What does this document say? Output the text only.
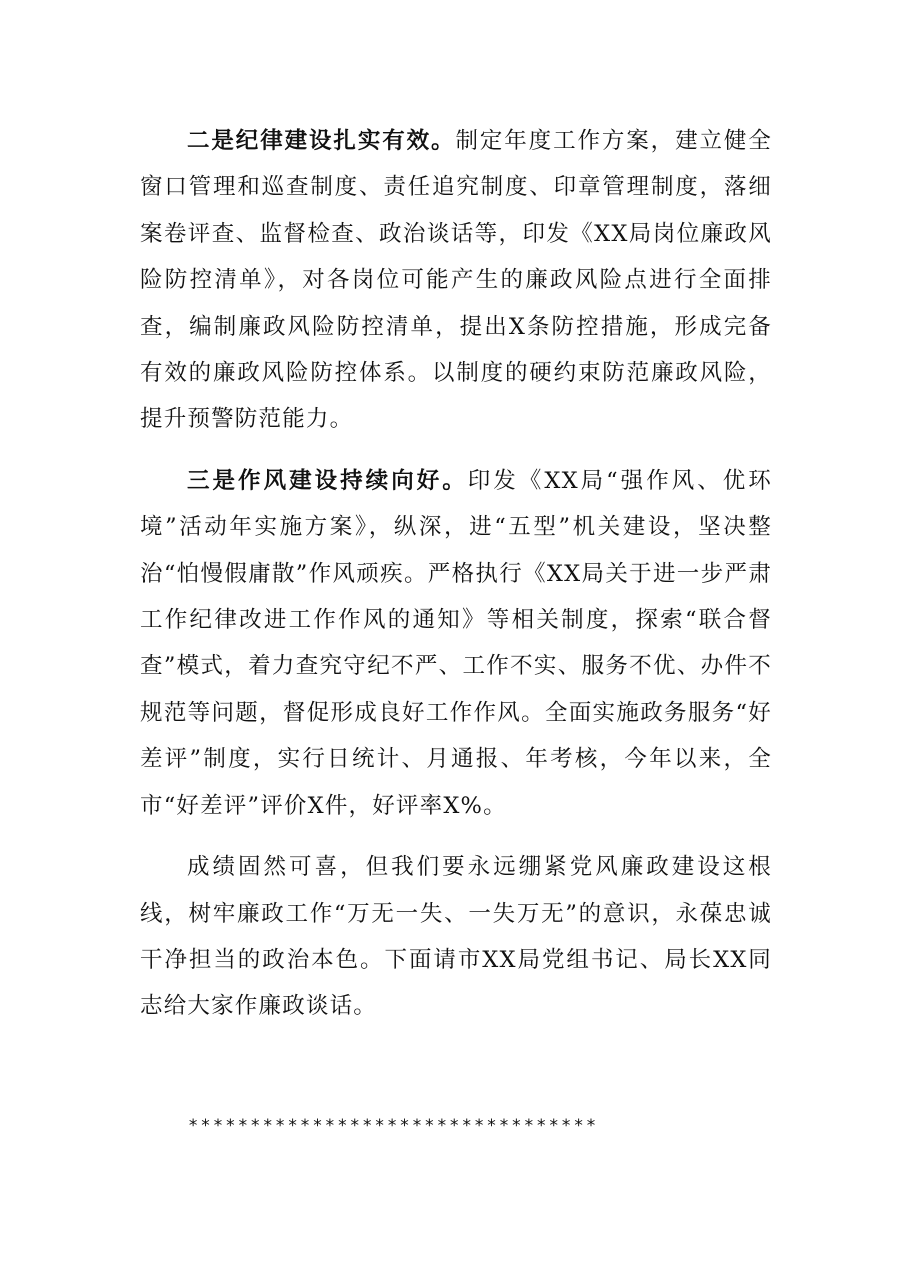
二是纪律建设扎实有效。制定年度工作方案，建立健全窗口管理和巡查制度、责任追究制度、印章管理制度，落细案卷评查、监督检查、政治谈话等，印发《XX局岗位廉政风险防控清单》，对各岗位可能产生的廉政风险点进行全面排查，编制廉政风险防控清单，提出X条防控措施，形成完备有效的廉政风险防控体系。以制度的硬约束防范廉政风险，提升预警防范能力。

三是作风建设持续向好。印发《XX局“强作风、优环境”活动年实施方案》，纵深，进“五型”机关建设，坚决整治“怕慢假庸散”作风顽疾。严格执行《XX局关于进一步严肃工作纪律改进工作作风的通知》等相关制度，探索“联合督查”模式，着力查究守纪不严、工作不实、服务不优、办件不规范等问题，督促形成良好工作作风。全面实施政务服务“好差评”制度，实行日统计、月通报、年考核，今年以来，全市“好差评”评价X件，好评率X%。

成绩固然可喜，但我们要永远绷紧党风廉政建设这根线，树牢廉政工作“万无一失、一失万无”的意识，永葆忠诚干净担当的政治本色。下面请市XX局党组书记、局长XX同志给大家作廉政谈话。

*********************************
